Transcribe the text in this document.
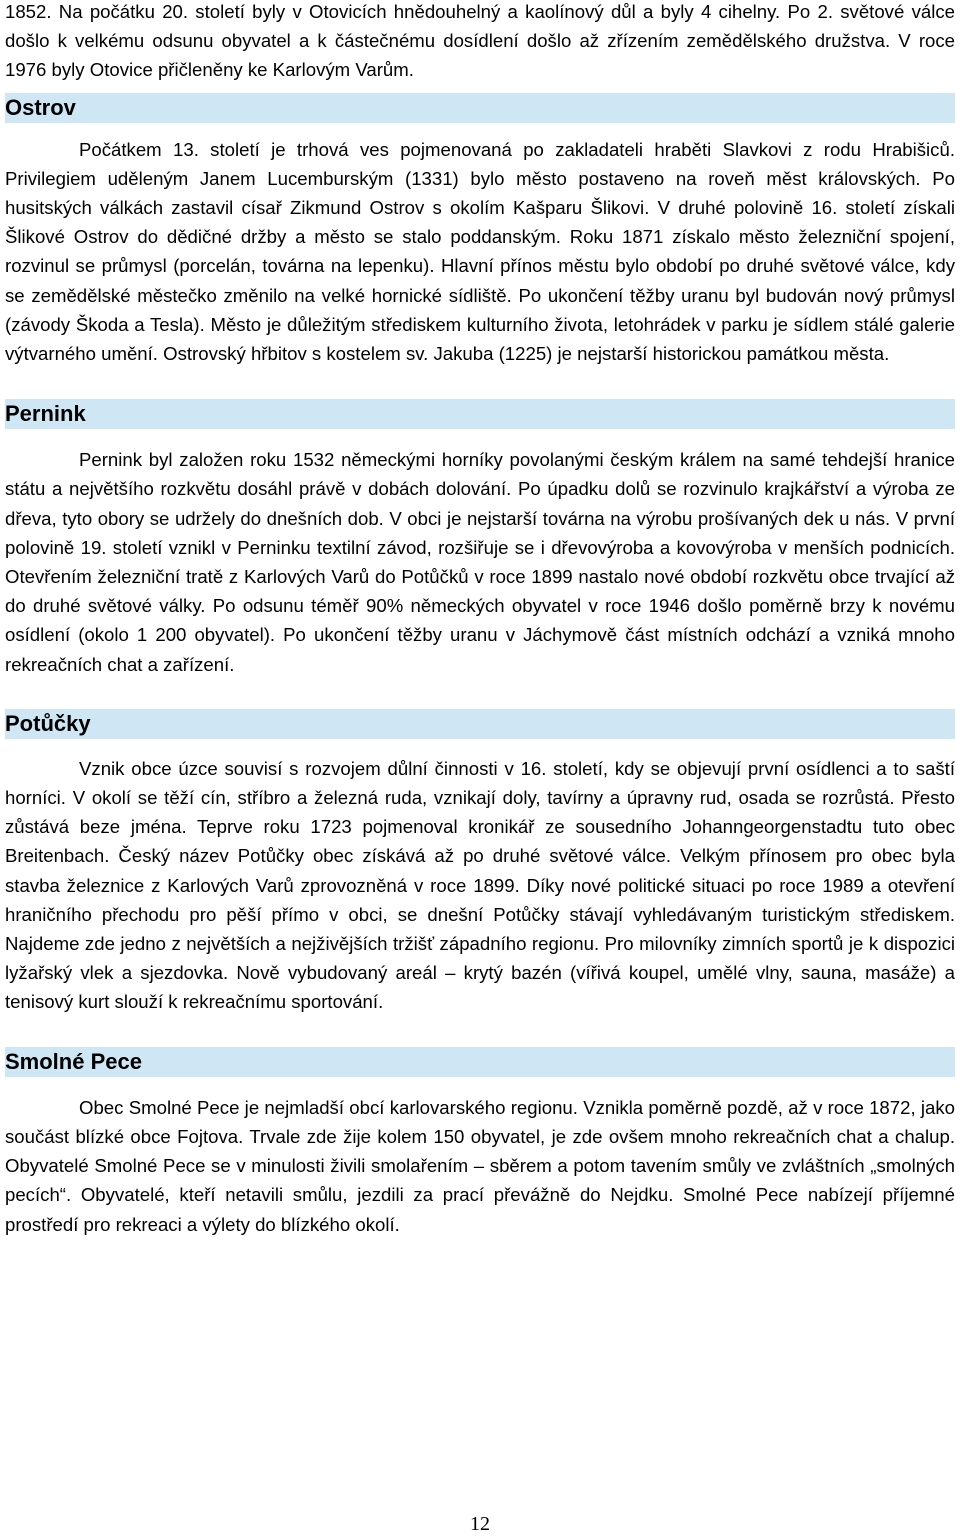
1852. Na počátku 20. století byly v Otovicích hnědouhelný a kaolínový důl a byly 4 cihelny. Po 2. světové válce došlo k velkému odsunu obyvatel a k částečnému dosídlení došlo až zřízením zemědělského družstva. V roce 1976 byly Otovice přičleněny ke Karlovým Varům.

Ostrov

Počátkem 13. století je trhová ves pojmenovaná po zakladateli hraběti Slavkovi z rodu Hrabišiců. Privilegiem uděleným Janem Lucemburským (1331) bylo město postaveno na roveň měst královských. Po husitských válkách zastavil císař Zikmund Ostrov s okolím Kašparu Šlikovi. V druhé polovině 16. století získali Šlikové Ostrov do dědičné držby a město se stalo poddanským. Roku 1871 získalo město železniční spojení, rozvinul se průmysl (porcelán, továrna na lepenku). Hlavní přínos městu bylo období po druhé světové válce, kdy se zemědělské městečko změnilo na velké hornické sídliště. Po ukončení těžby uranu byl budován nový průmysl (závody Škoda a Tesla). Město je důležitým střediskem kulturního života, letohrádek v parku je sídlem stálé galerie výtvarného umění. Ostrovský hřbitov s kostelem sv. Jakuba (1225) je nejstarší historickou památkou města.

Pernink

Pernink byl založen roku 1532 německými horníky povolanými českým králem na samé tehdejší hranice státu a největšího rozkvětu dosáhl právě v dobách dolování. Po úpadku dolů se rozvinulo krajkářství a výroba ze dřeva, tyto obory se udržely do dnešních dob. V obci je nejstarší továrna na výrobu prošívaných dek u nás. V první polovině 19. století vznikl v Perninku textilní závod, rozšiřuje se i dřevovýroba a kovovýroba v menších podnicích. Otevřením železniční tratě z Karlových Varů do Potůčků v roce 1899 nastalo nové období rozkvětu obce trvající až do druhé světové války. Po odsunu téměř 90% německých obyvatel v roce 1946 došlo poměrně brzy k novému osídlení (okolo 1 200 obyvatel). Po ukončení těžby uranu v Jáchymově část místních odchází a vzniká mnoho rekreačních chat a zařízení.

Potůčky

Vznik obce úzce souvisí s rozvojem důlní činnosti v 16. století, kdy se objevují první osídlenci a to saští horníci. V okolí se těží cín, stříbro a železná ruda, vznikají doly, tavírny a úpravny rud, osada se rozrůstá. Přesto zůstává beze jména. Teprve roku 1723 pojmenoval kronikář ze sousedního Johanngeorgenstadtu tuto obec Breitenbach. Český název Potůčky obec získává až po druhé světové válce. Velkým přínosem pro obec byla stavba železnice z Karlových Varů zprovozněná v roce 1899. Díky nové politické situaci po roce 1989 a otevření hraničního přechodu pro pěší přímo v obci, se dnešní Potůčky stávají vyhledávaným turistickým střediskem. Najdeme zde jedno z největších a nejživějších tržišť západního regionu. Pro milovníky zimních sportů je k dispozici lyžařský vlek a sjezdovka. Nově vybudovaný areál – krytý bazén (vířivá koupel, umělé vlny, sauna, masáže) a tenisový kurt slouží k rekreačnímu sportování.

Smolné Pece

Obec Smolné Pece je nejmladší obcí karlovarského regionu. Vznikla poměrně pozdě, až v roce 1872, jako součást blízké obce Fojtova. Trvale zde žije kolem 150 obyvatel, je zde ovšem mnoho rekreačních chat a chalup. Obyvatelé Smolné Pece se v minulosti živili smolařením – sběrem a potom tavením smůly ve zvláštních „smolných pecích“. Obyvatelé, kteří netavili smůlu, jezdili za prací převážně do Nejdku. Smolné Pece nabízejí příjemné prostředí pro rekreaci a výlety do blízkého okolí.

12
